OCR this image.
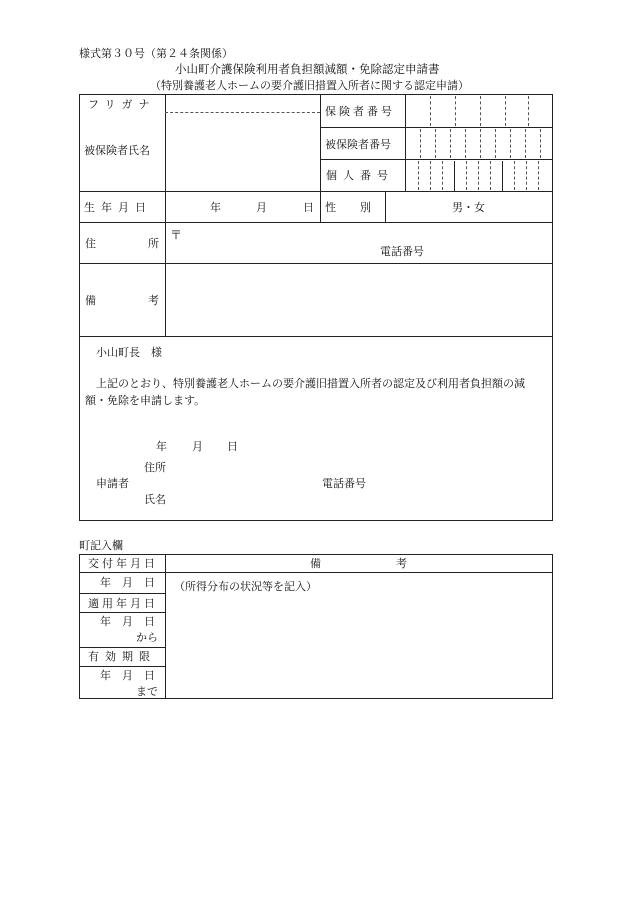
様式第３０号（第２４条関係）
小山町介護保険利用者負担額減額・免除認定申請書
（特別養護老人ホームの要介護旧措置入所者に関する認定申請）
フリガナ
被保険者氏名
保険者番号
被保険者番号
個人番号
生年月日	年	月	日 性別	男・女
住	所
〒
電話番号
備	考
小山町長　様
上記のとおり、特別養護老人ホームの要介護旧措置入所者の認定及び利用者負担額の減
額・免除を申請します。
年 月 日
住所
申請者
氏名
電話番号
町記入欄
交付年月日	備	考
年　月　日 （所得分布の状況等を記入）
適用年月日
年　月　日
から
有効期限
年　月　日
まで
